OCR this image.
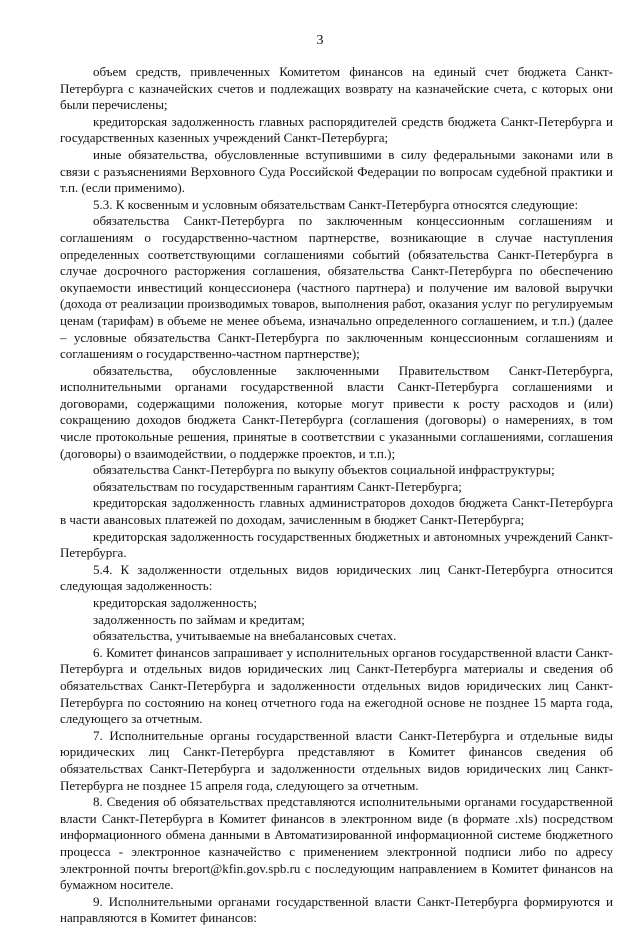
3

объем средств, привлеченных Комитетом финансов на единый счет бюджета Санкт-Петербурга с казначейских счетов и подлежащих возврату на казначейские счета, с которых они были перечислены;

кредиторская задолженность главных распорядителей средств бюджета Санкт-Петербурга и государственных казенных учреждений Санкт-Петербурга;

иные обязательства, обусловленные вступившими в силу федеральными законами или в связи с разъяснениями Верховного Суда Российской Федерации по вопросам судебной практики и т.п. (если применимо).

5.3. К косвенным и условным обязательствам Санкт-Петербурга относятся следующие:

обязательства Санкт-Петербурга по заключенным концессионным соглашениям и соглашениям о государственно-частном партнерстве, возникающие в случае наступления определенных соответствующими соглашениями событий (обязательства Санкт-Петербурга в случае досрочного расторжения соглашения, обязательства Санкт-Петербурга по обеспечению окупаемости инвестиций концессионера (частного партнера) и получение им валовой выручки (дохода от реализации производимых товаров, выполнения работ, оказания услуг по регулируемым ценам (тарифам) в объеме не менее объема, изначально определенного соглашением, и т.п.) (далее – условные обязательства Санкт-Петербурга по заключенным концессионным соглашениям и соглашениям о государственно-частном партнерстве);

обязательства, обусловленные заключенными Правительством Санкт-Петербурга, исполнительными органами государственной власти Санкт-Петербурга соглашениями и договорами, содержащими положения, которые могут привести к росту расходов и (или) сокращению доходов бюджета Санкт-Петербурга (соглашения (договоры) о намерениях, в том числе протокольные решения, принятые в соответствии с указанными соглашениями, соглашения (договоры) о взаимодействии, о поддержке проектов, и т.п.);

обязательства Санкт-Петербурга по выкупу объектов социальной инфраструктуры;

обязательствам по государственным гарантиям Санкт-Петербурга;

кредиторская задолженность главных администраторов доходов бюджета Санкт-Петербурга в части авансовых платежей по доходам, зачисленным в бюджет Санкт-Петербурга;

кредиторская задолженность государственных бюджетных и автономных учреждений Санкт-Петербурга.

5.4. К задолженности отдельных видов юридических лиц Санкт-Петербурга относится следующая задолженность:

кредиторская задолженность;

задолженность по займам и кредитам;

обязательства, учитываемые на внебалансовых счетах.

6. Комитет финансов запрашивает у исполнительных органов государственной власти Санкт-Петербурга и отдельных видов юридических лиц Санкт-Петербурга материалы и сведения об обязательствах Санкт-Петербурга и задолженности отдельных видов юридических лиц Санкт-Петербурга по состоянию на конец отчетного года на ежегодной основе не позднее 15 марта года, следующего за отчетным.

7. Исполнительные органы государственной власти Санкт-Петербурга и отдельные виды юридических лиц Санкт-Петербурга представляют в Комитет финансов сведения об обязательствах Санкт-Петербурга и задолженности отдельных видов юридических лиц Санкт-Петербурга не позднее 15 апреля года, следующего за отчетным.

8. Сведения об обязательствах представляются исполнительными органами государственной власти Санкт-Петербурга в Комитет финансов в электронном виде (в формате .xls) посредством информационного обмена данными в Автоматизированной информационной системе бюджетного процесса - электронное казначейство с применением электронной подписи либо по адресу электронной почты breport@kfin.gov.spb.ru с последующим направлением в Комитет финансов на бумажном носителе.

9. Исполнительными органами государственной власти Санкт-Петербурга формируются и направляются в Комитет финансов:
